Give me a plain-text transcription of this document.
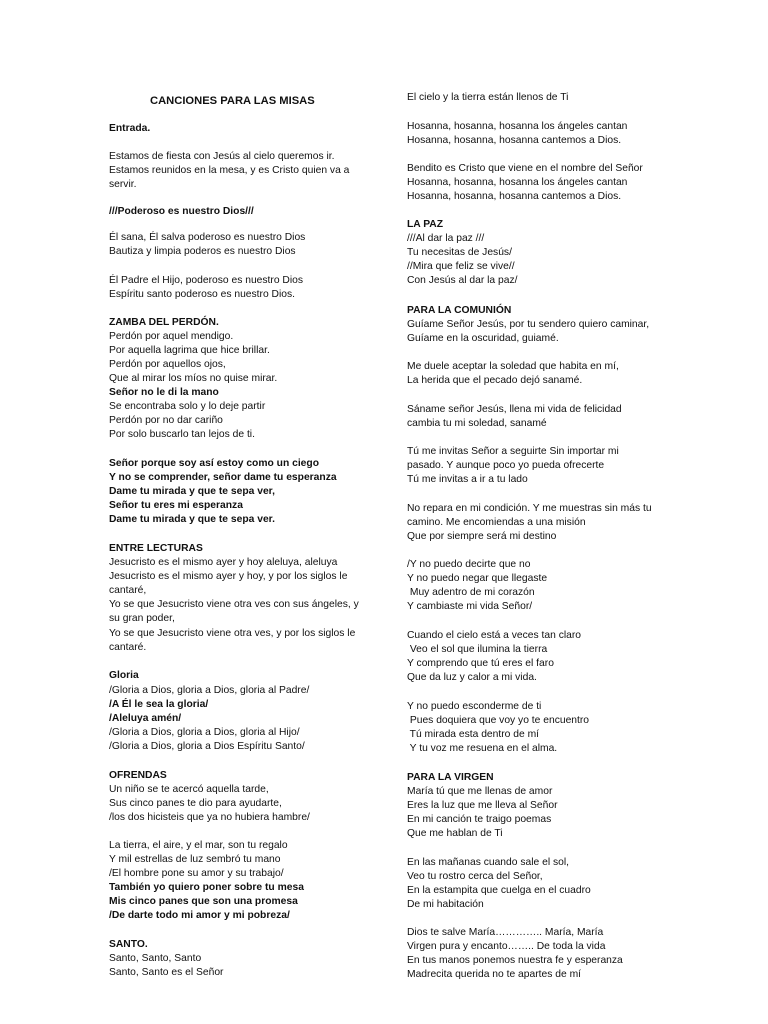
CANCIONES PARA LAS MISAS
Entrada.
Estamos de fiesta con Jesús al cielo queremos ir.
Estamos reunidos en la mesa, y es Cristo quien va a
servir.
///Poderoso es nuestro Dios///
Él sana, Él salva poderoso es nuestro Dios
Bautiza y limpia poderos es nuestro Dios
Él Padre el Hijo, poderoso es nuestro Dios
Espíritu santo poderoso es nuestro Dios.
ZAMBA DEL PERDÓN.
Perdón por aquel mendigo.
Por aquella lagrima que hice brillar.
Perdón por aquellos ojos,
Que al mirar los míos no quise mirar.
Señor no le di la mano
Se encontraba solo y lo deje partir
Perdón por no dar cariño
Por solo buscarlo tan lejos de ti.
Señor porque soy así estoy como un ciego
Y no se comprender, señor dame tu esperanza
Dame tu mirada y que te sepa ver,
Señor tu eres mi esperanza
Dame tu mirada y que te sepa ver.
ENTRE LECTURAS
Jesucristo es el mismo ayer y hoy aleluya, aleluya
Jesucristo es el mismo ayer y hoy, y por los siglos le
cantaré,
Yo se que Jesucristo viene otra ves con sus ángeles, y
su gran poder,
Yo se que Jesucristo viene otra ves, y por los siglos le
cantaré.
Gloria
/Gloria a Dios, gloria a Dios, gloria al Padre/
/A Él le sea la gloria/
/Aleluya amén/
/Gloria a Dios, gloria a Dios, gloria al Hijo/
/Gloria a Dios, gloria a Dios Espíritu Santo/
OFRENDAS
Un niño se te acercó aquella tarde,
Sus cinco panes te dio para ayudarte,
/los dos hicisteis que ya no hubiera hambre/
La tierra, el aire, y el mar, son tu regalo
Y mil estrellas de luz sembró tu mano
/El hombre pone su amor y su trabajo/
También yo quiero poner sobre tu mesa
Mis cinco panes que son una promesa
/De darte todo mi amor y mi pobreza/
SANTO.
Santo, Santo, Santo
Santo, Santo es el Señor
El cielo y la tierra están llenos de Ti
Hosanna, hosanna, hosanna los ángeles cantan
Hosanna, hosanna, hosanna cantemos a Dios.
Bendito es Cristo que viene en el nombre del Señor
Hosanna, hosanna, hosanna los ángeles cantan
Hosanna, hosanna, hosanna cantemos a Dios.
LA PAZ
///Al dar la paz ///
Tu necesitas de Jesús/
//Mira que feliz se vive//
Con Jesús al dar la paz/
PARA LA COMUNIÓN
Guíame Señor Jesús, por tu sendero quiero caminar,
Guíame en la oscuridad, guiamé.
Me duele aceptar la soledad que habita en mí,
La herida que el pecado dejó sanamé.
Sáname señor Jesús, llena mi vida de felicidad
cambia tu mi soledad, sanamé
Tú me invitas Señor a seguirte Sin importar mi
pasado. Y aunque poco yo pueda ofrecerte
Tú me invitas a ir a tu lado
No repara en mi condición. Y me muestras sin más tu
camino. Me encomiendas a una misión
Que por siempre será mi destino
/Y no puedo decirte que no
Y no puedo negar que llegaste
Muy adentro de mi corazón
Y cambiaste mi vida Señor/
Cuando el cielo está a veces tan claro
Veo el sol que ilumina la tierra
Y comprendo que tú eres el faro
Que da luz y calor a mi vida.
Y no puedo esconderme de ti
Pues doquiera que voy yo te encuentro
Tú mirada esta dentro de mí
Y tu voz me resuena en el alma.
PARA LA VIRGEN
María tú que me llenas de amor
Eres la luz que me lleva al Señor
En mi canción te traigo poemas
Que me hablan de Ti
En las mañanas cuando sale el sol,
Veo tu rostro cerca del Señor,
En la estampita que cuelga en el cuadro
De mi habitación
Dios te salve María………….. María, María
Virgen pura y encanto…….. De toda la vida
En tus manos ponemos nuestra fe y esperanza
Madrecita querida no te apartes de mí
